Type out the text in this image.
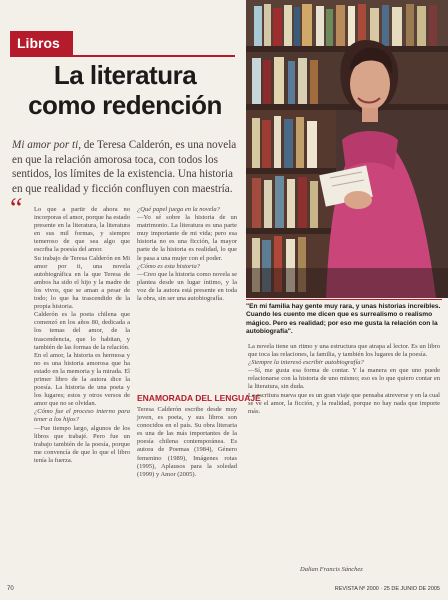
Libros
La literatura
como redención
Mi amor por ti, de Teresa Calderón, es una novela en que la relación amorosa toca, con todos los sentidos, los límites de la existencia. Una historia en que realidad y ficción confluyen con maestría.
"En mi familia hay gente muy rara, y unas historias increíbles. Cuando les cuento me dicen que es surrealismo o realismo mágico. Pero es realidad; por eso me gusta la relación con la autobiografía".
“ Lo que a partir de ahora no incorporas el amor, porque ha estado presente en la literatura, la literatura en sus mil formas, y siempre temeroso de que sea algo que escriba la poesía del amor.

Su trabajo de Teresa Calderón en Mi amor por ti, una novela autobiográfica en la que Teresa de ambos ha sido el hijo y la madre de los vivos, que se aman a pesar de todo; lo que ha trascendido de la propia historia.

Calderón es la poeta chilena que comenzó en los años 80, dedicada a los temas del amor, de la trascendencia, que lo habitan, y también de las formas de la relación.

En el amor, la historia es hermosa y no es una historia amorosa que ha estado en la memoria y la mirada. El primer libro de la autora dice la poesía. La historia de una poeta y los lugares; estos y otros versos de amor que no se olvidan.

¿Cómo fue el proceso interno para tener a los hijos?

—Fue tiempo largo, algunos de los libros que trabajé. Pero fue un trabajo también de la poesía, porque me convencía de que lo que el libro tenía la fuerza.

¿Qué papel juega en la novela?

—Yo sé sobre la historia de un matrimonio. La literatura es una parte muy importante de mi vida; pero esa historia no es una ficción, la mayor parte de la historia es realidad, lo que le pasa a una mujer con el poder.

¿Cómo es esta historia?

—Creo que la historia como novela se plantea desde un lugar íntimo, y la voz de la autora está presente en toda la obra, sin ser una autobiografía.

ENAMORADA DEL LENGUAJE

Teresa Calderón escribe desde muy joven, es poeta, y sus libros son conocidos en el país. Su obra literaria es una de las más importantes de la poesía chilena contemporánea. Es autora de Poemas (1984), Género femenino (1989), Imágenes rotas (1995), Aplausos para la soledad (1999) y Amor (2005).

La novela tiene un ritmo y una estructura que atrapa al lector. Es un libro que toca las relaciones, la familia, y también los lugares de la poesía.

¿Siempre la interesó escribir autobiografía?

—Sí, me gusta esa forma de contar. Y la manera en que uno puede relacionarse con la historia de uno mismo; eso es lo que quiero contar en la literatura, sin duda.

La escritura nueva que es un gran viaje que pensaba atreverse y en la cual se ve el amor, la ficción, y la realidad, porque no hay nada que importe más.

Dalian Francis Sánchez
70	REVISTA Nº 2000 · 25 DE JUNIO DE 2005
